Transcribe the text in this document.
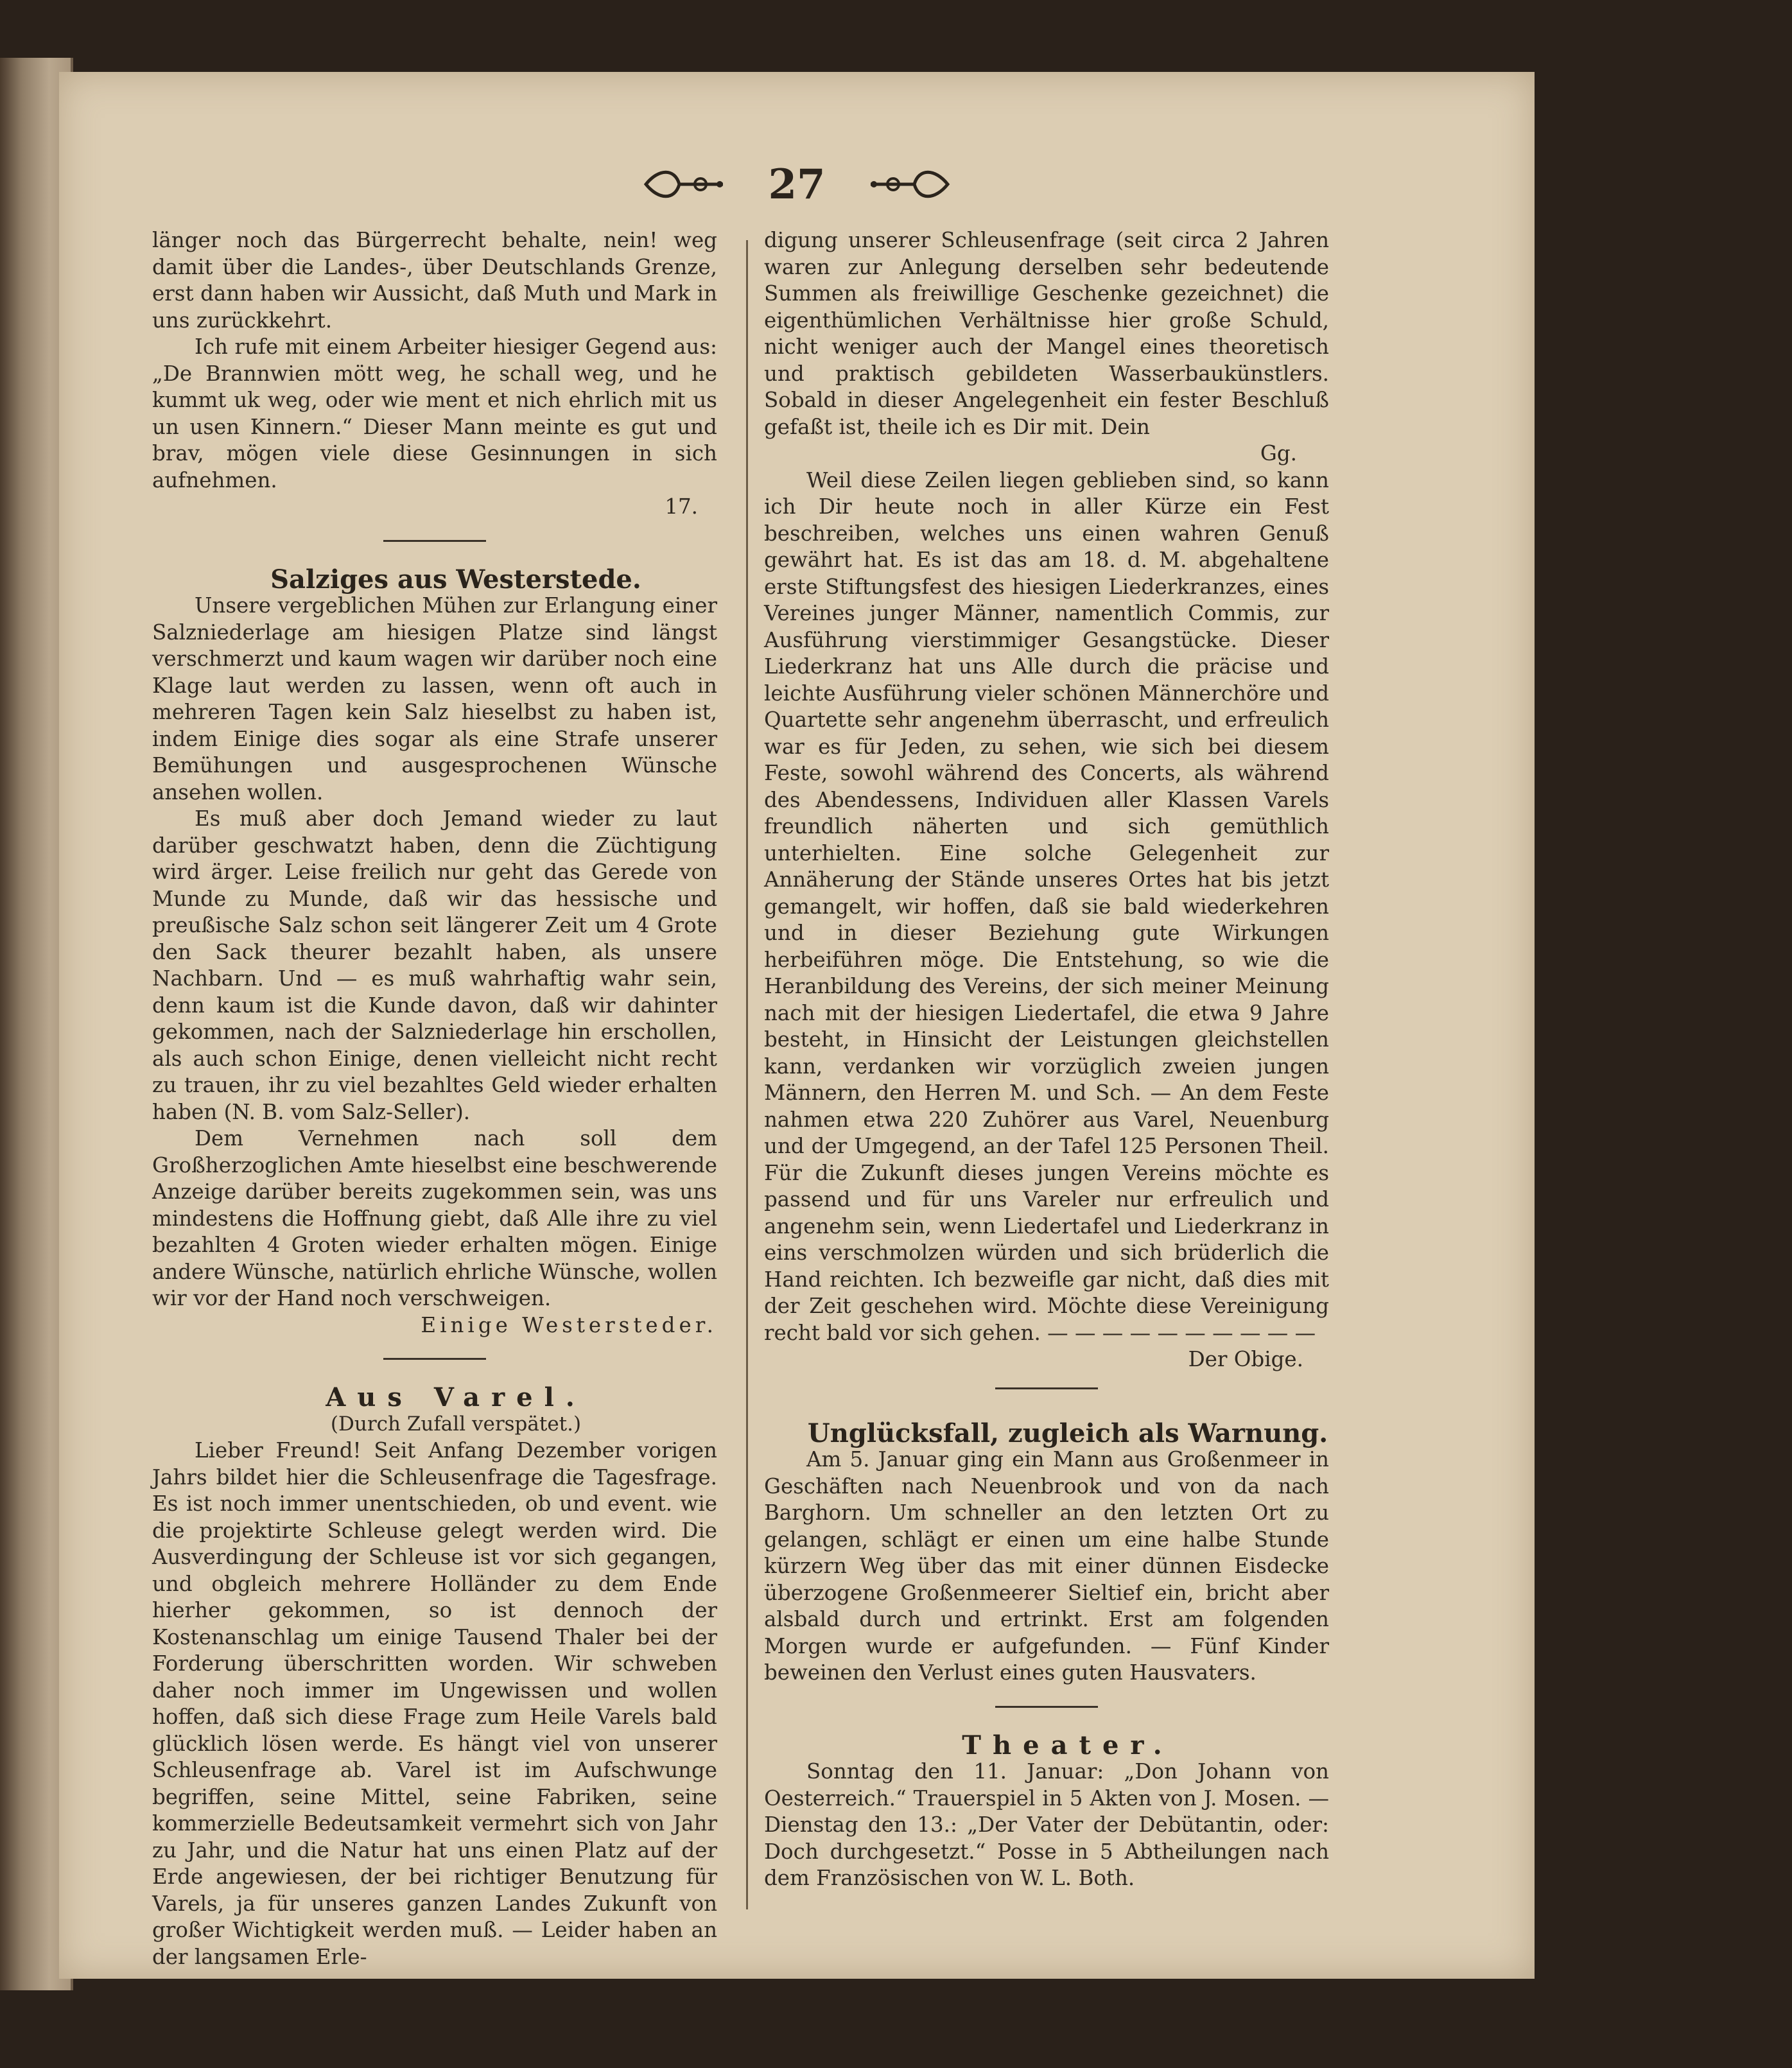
27

länger noch das Bürgerrecht behalte, nein! weg damit über die Landes-, über Deutschlands Grenze, erst dann haben wir Aussicht, daß Muth und Mark in uns zurückkehrt.

Ich rufe mit einem Arbeiter hiesiger Gegend aus: „De Brannwien mött weg, he schall weg, und he kummt uk weg, oder wie ment et nich ehrlich mit us un usen Kinnern.“ Dieser Mann meinte es gut und brav, mögen viele diese Gesinnungen in sich aufnehmen.

17.

Salziges aus Westerstede.

Unsere vergeblichen Mühen zur Erlangung einer Salzniederlage am hiesigen Platze sind längst verschmerzt und kaum wagen wir darüber noch eine Klage laut werden zu lassen, wenn oft auch in mehreren Tagen kein Salz hieselbst zu haben ist, indem Einige dies sogar als eine Strafe unserer Bemühungen und ausgesprochenen Wünsche ansehen wollen.

Es muß aber doch Jemand wieder zu laut darüber geschwatzt haben, denn die Züchtigung wird ärger. Leise freilich nur geht das Gerede von Munde zu Munde, daß wir das hessische und preußische Salz schon seit längerer Zeit um 4 Grote den Sack theurer bezahlt haben, als unsere Nachbarn. Und — es muß wahrhaftig wahr sein, denn kaum ist die Kunde davon, daß wir dahinter gekommen, nach der Salzniederlage hin erschollen, als auch schon Einige, denen vielleicht nicht recht zu trauen, ihr zu viel bezahltes Geld wieder erhalten haben (N. B. vom Salz-Seller).

Dem Vernehmen nach soll dem Großherzoglichen Amte hieselbst eine beschwerende Anzeige darüber bereits zugekommen sein, was uns mindestens die Hoffnung giebt, daß Alle ihre zu viel bezahlten 4 Groten wieder erhalten mögen. Einige andere Wünsche, natürlich ehrliche Wünsche, wollen wir vor der Hand noch verschweigen.

Einige Westersteder.

Aus Varel.

(Durch Zufall verspätet.)

Lieber Freund! Seit Anfang Dezember vorigen Jahrs bildet hier die Schleusenfrage die Tagesfrage. Es ist noch immer unentschieden, ob und event. wie die projektirte Schleuse gelegt werden wird. Die Ausverdingung der Schleuse ist vor sich gegangen, und obgleich mehrere Holländer zu dem Ende hierher gekommen, so ist dennoch der Kostenanschlag um einige Tausend Thaler bei der Forderung überschritten worden. Wir schweben daher noch immer im Ungewissen und wollen hoffen, daß sich diese Frage zum Heile Varels bald glücklich lösen werde. Es hängt viel von unserer Schleusenfrage ab. Varel ist im Aufschwunge begriffen, seine Mittel, seine Fabriken, seine kommerzielle Bedeutsamkeit vermehrt sich von Jahr zu Jahr, und die Natur hat uns einen Platz auf der Erde angewiesen, der bei richtiger Benutzung für Varels, ja für unseres ganzen Landes Zukunft von großer Wichtigkeit werden muß. — Leider haben an der langsamen Erle-

digung unserer Schleusenfrage (seit circa 2 Jahren waren zur Anlegung derselben sehr bedeutende Summen als freiwillige Geschenke gezeichnet) die eigenthümlichen Verhältnisse hier große Schuld, nicht weniger auch der Mangel eines theoretisch und praktisch gebildeten Wasserbaukünstlers. Sobald in dieser Angelegenheit ein fester Beschluß gefaßt ist, theile ich es Dir mit. Dein

Gg.

Weil diese Zeilen liegen geblieben sind, so kann ich Dir heute noch in aller Kürze ein Fest beschreiben, welches uns einen wahren Genuß gewährt hat. Es ist das am 18. d. M. abgehaltene erste Stiftungsfest des hiesigen Liederkranzes, eines Vereines junger Männer, namentlich Commis, zur Ausführung vierstimmiger Gesangstücke. Dieser Liederkranz hat uns Alle durch die präcise und leichte Ausführung vieler schönen Männerchöre und Quartette sehr angenehm überrascht, und erfreulich war es für Jeden, zu sehen, wie sich bei diesem Feste, sowohl während des Concerts, als während des Abendessens, Individuen aller Klassen Varels freundlich näherten und sich gemüthlich unterhielten. Eine solche Gelegenheit zur Annäherung der Stände unseres Ortes hat bis jetzt gemangelt, wir hoffen, daß sie bald wiederkehren und in dieser Beziehung gute Wirkungen herbeiführen möge. Die Entstehung, so wie die Heranbildung des Vereins, der sich meiner Meinung nach mit der hiesigen Liedertafel, die etwa 9 Jahre besteht, in Hinsicht der Leistungen gleichstellen kann, verdanken wir vorzüglich zweien jungen Männern, den Herren M. und Sch. — An dem Feste nahmen etwa 220 Zuhörer aus Varel, Neuenburg und der Umgegend, an der Tafel 125 Personen Theil. Für die Zukunft dieses jungen Vereins möchte es passend und für uns Vareler nur erfreulich und angenehm sein, wenn Liedertafel und Liederkranz in eins verschmolzen würden und sich brüderlich die Hand reichten. Ich bezweifle gar nicht, daß dies mit der Zeit geschehen wird. Möchte diese Vereinigung recht bald vor sich gehen. — — — — — — — — — —

Der Obige.

Unglücksfall, zugleich als Warnung.

Am 5. Januar ging ein Mann aus Großenmeer in Geschäften nach Neuenbrook und von da nach Barghorn. Um schneller an den letzten Ort zu gelangen, schlägt er einen um eine halbe Stunde kürzern Weg über das mit einer dünnen Eisdecke überzogene Großenmeerer Sieltief ein, bricht aber alsbald durch und ertrinkt. Erst am folgenden Morgen wurde er aufgefunden. — Fünf Kinder beweinen den Verlust eines guten Hausvaters.

Theater.

Sonntag den 11. Januar: „Don Johann von Oesterreich.“ Trauerspiel in 5 Akten von J. Mosen. — Dienstag den 13.: „Der Vater der Debütantin, oder: Doch durchgesetzt.“ Posse in 5 Abtheilungen nach dem Französischen von W. L. Both.
